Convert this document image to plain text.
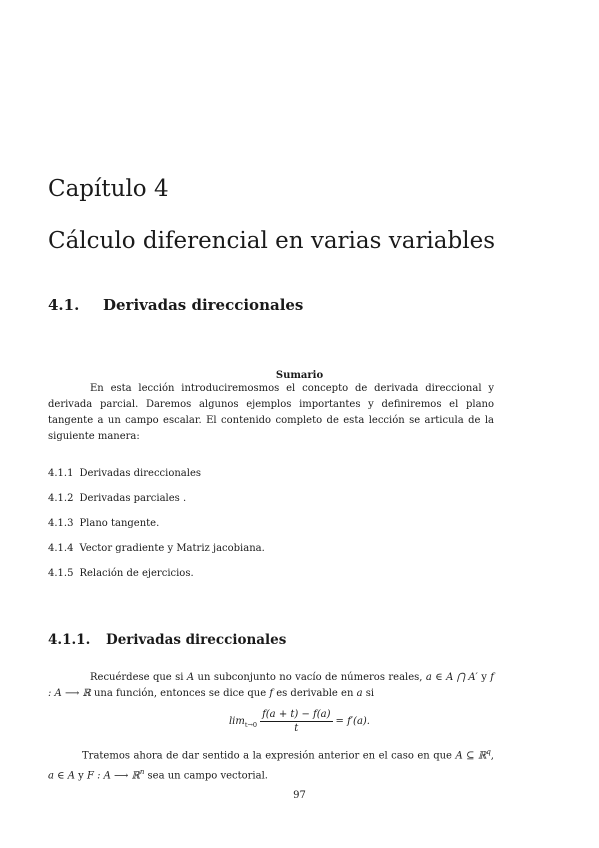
Capítulo 4
Cálculo diferencial en varias variables
4.1. Derivadas direccionales
Sumario
En esta lección introduciremosmos el concepto de derivada direccional y derivada parcial. Daremos algunos ejemplos importantes y definiremos el plano tangente a un campo escalar. El contenido completo de esta lección se articula de la siguiente manera:
4.1.1 Derivadas direccionales
4.1.2 Derivadas parciales .
4.1.3 Plano tangente.
4.1.4 Vector gradiente y Matriz jacobiana.
4.1.5 Relación de ejercicios.
4.1.1. Derivadas direccionales
Recuérdese que si A un subconjunto no vacío de números reales, a ∈ A ⋂ A′ y f : A ⟶ ℝ una función, entonces se dice que f es derivable en a si
$\lim_{t\to 0} \frac{f(a + t) - f(a)}{t} = f'(a)$.
Tratemos ahora de dar sentido a la expresión anterior en el caso en que A ⊆ ℝ$^q$, a ∈ A y F : A ⟶ ℝ$^n$ sea un campo vectorial.
97
